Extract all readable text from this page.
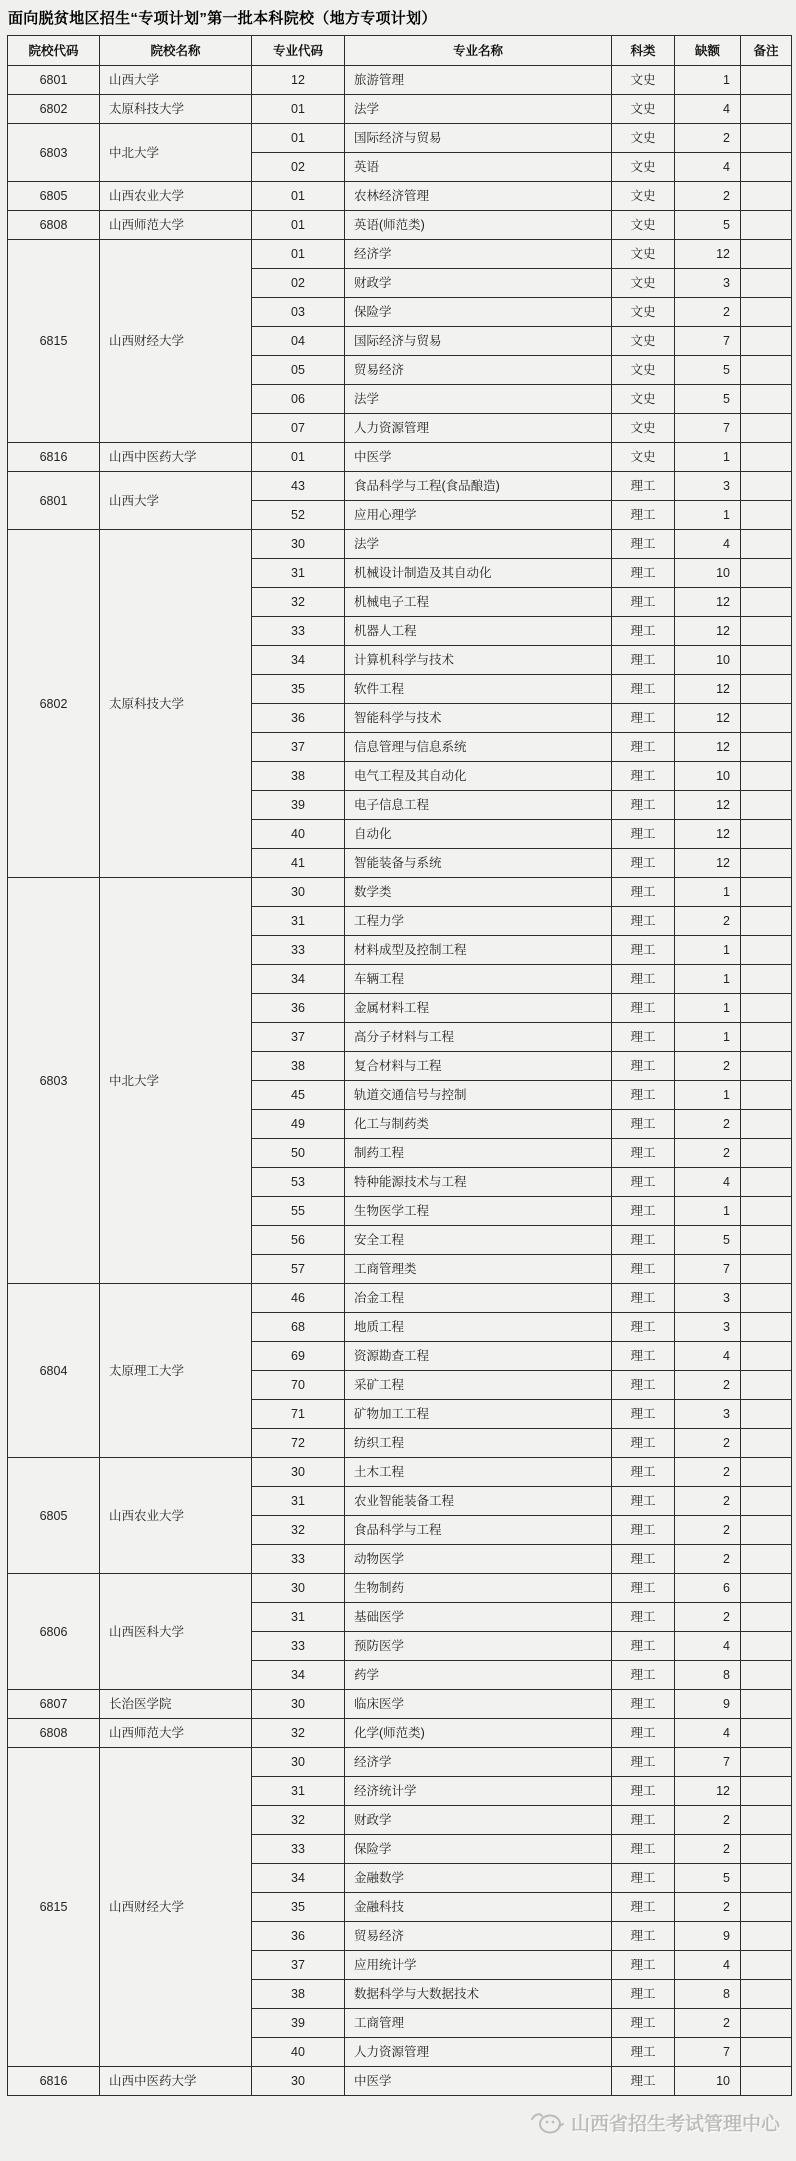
面向脱贫地区招生“专项计划”第一批本科院校（地方专项计划）
院校代码	院校名称	专业代码	专业名称	科类	缺额	备注
6801	山西大学	12	旅游管理	文史	1	
6802	太原科技大学	01	法学	文史	4	
6803	中北大学	01	国际经济与贸易	文史	2	
		02	英语	文史	4	
6805	山西农业大学	01	农林经济管理	文史	2	
6808	山西师范大学	01	英语(师范类)	文史	5	
6815	山西财经大学	01	经济学	文史	12	
		02	财政学	文史	3	
		03	保险学	文史	2	
		04	国际经济与贸易	文史	7	
		05	贸易经济	文史	5	
		06	法学	文史	5	
		07	人力资源管理	文史	7	
6816	山西中医药大学	01	中医学	文史	1	
6801	山西大学	43	食品科学与工程(食品酿造)	理工	3	
		52	应用心理学	理工	1	
6802	太原科技大学	30	法学	理工	4	
		31	机械设计制造及其自动化	理工	10	
		32	机械电子工程	理工	12	
		33	机器人工程	理工	12	
		34	计算机科学与技术	理工	10	
		35	软件工程	理工	12	
		36	智能科学与技术	理工	12	
		37	信息管理与信息系统	理工	12	
		38	电气工程及其自动化	理工	10	
		39	电子信息工程	理工	12	
		40	自动化	理工	12	
		41	智能装备与系统	理工	12	
6803	中北大学	30	数学类	理工	1	
		31	工程力学	理工	2	
		33	材料成型及控制工程	理工	1	
		34	车辆工程	理工	1	
		36	金属材料工程	理工	1	
		37	高分子材料与工程	理工	1	
		38	复合材料与工程	理工	2	
		45	轨道交通信号与控制	理工	1	
		49	化工与制药类	理工	2	
		50	制药工程	理工	2	
		53	特种能源技术与工程	理工	4	
		55	生物医学工程	理工	1	
		56	安全工程	理工	5	
		57	工商管理类	理工	7	
6804	太原理工大学	46	冶金工程	理工	3	
		68	地质工程	理工	3	
		69	资源勘查工程	理工	4	
		70	采矿工程	理工	2	
		71	矿物加工工程	理工	3	
		72	纺织工程	理工	2	
6805	山西农业大学	30	土木工程	理工	2	
		31	农业智能装备工程	理工	2	
		32	食品科学与工程	理工	2	
		33	动物医学	理工	2	
6806	山西医科大学	30	生物制药	理工	6	
		31	基础医学	理工	2	
		33	预防医学	理工	4	
		34	药学	理工	8	
6807	长治医学院	30	临床医学	理工	9	
6808	山西师范大学	32	化学(师范类)	理工	4	
6815	山西财经大学	30	经济学	理工	7	
		31	经济统计学	理工	12	
		32	财政学	理工	2	
		33	保险学	理工	2	
		34	金融数学	理工	5	
		35	金融科技	理工	2	
		36	贸易经济	理工	9	
		37	应用统计学	理工	4	
		38	数据科学与大数据技术	理工	8	
		39	工商管理	理工	2	
		40	人力资源管理	理工	7	
6816	山西中医药大学	30	中医学	理工	10	
山西省招生考试管理中心
